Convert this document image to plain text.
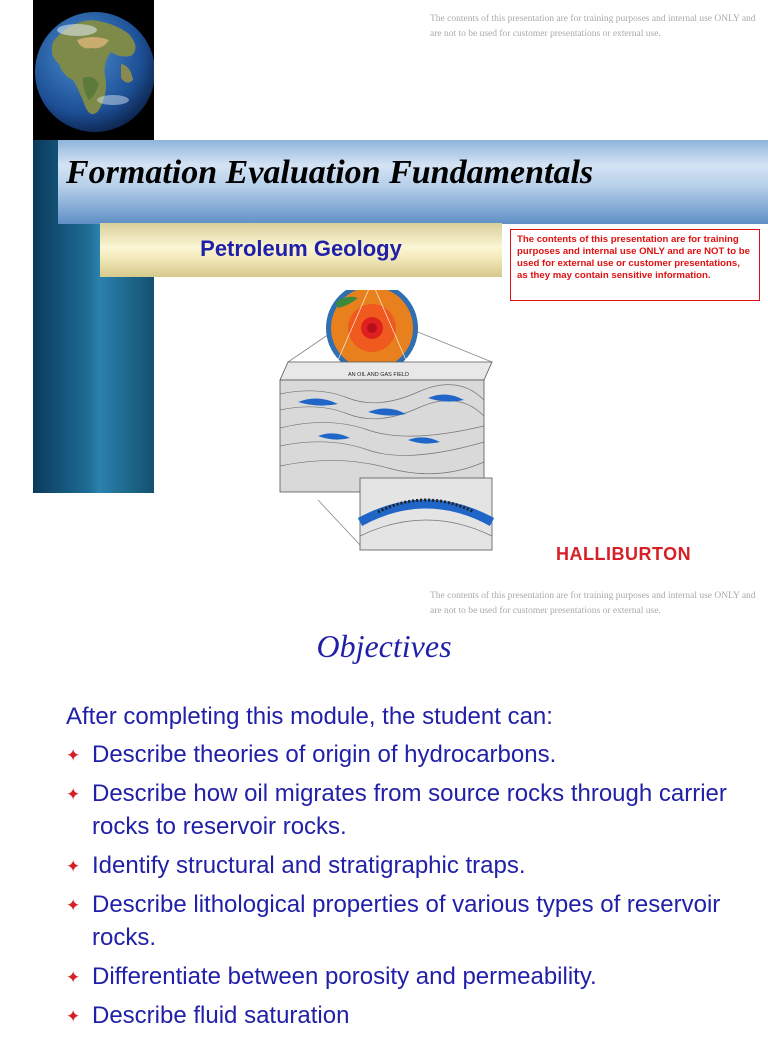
The contents of this presentation are for training purposes and internal use ONLY and are not to be used for customer presentations or external use.
Formation Evaluation Fundamentals
Petroleum Geology	The contents of this presentation are for training purposes and internal use ONLY and are NOT to be used for external use or customer presentations, as they may contain sensitive information.
AN OIL AND GAS FIELD
HALLIBURTON
The contents of this presentation are for training purposes and internal use ONLY and are not to be used for customer presentations or external use.
Objectives
After completing this module, the student can:
✦ Describe theories of origin of hydrocarbons.
✦ Describe how oil migrates from source rocks through carrier rocks to reservoir rocks.
✦ Identify structural and stratigraphic traps.
✦ Describe lithological properties of various types of reservoir rocks.
✦ Differentiate between porosity and permeability.
✦ Describe fluid saturation
